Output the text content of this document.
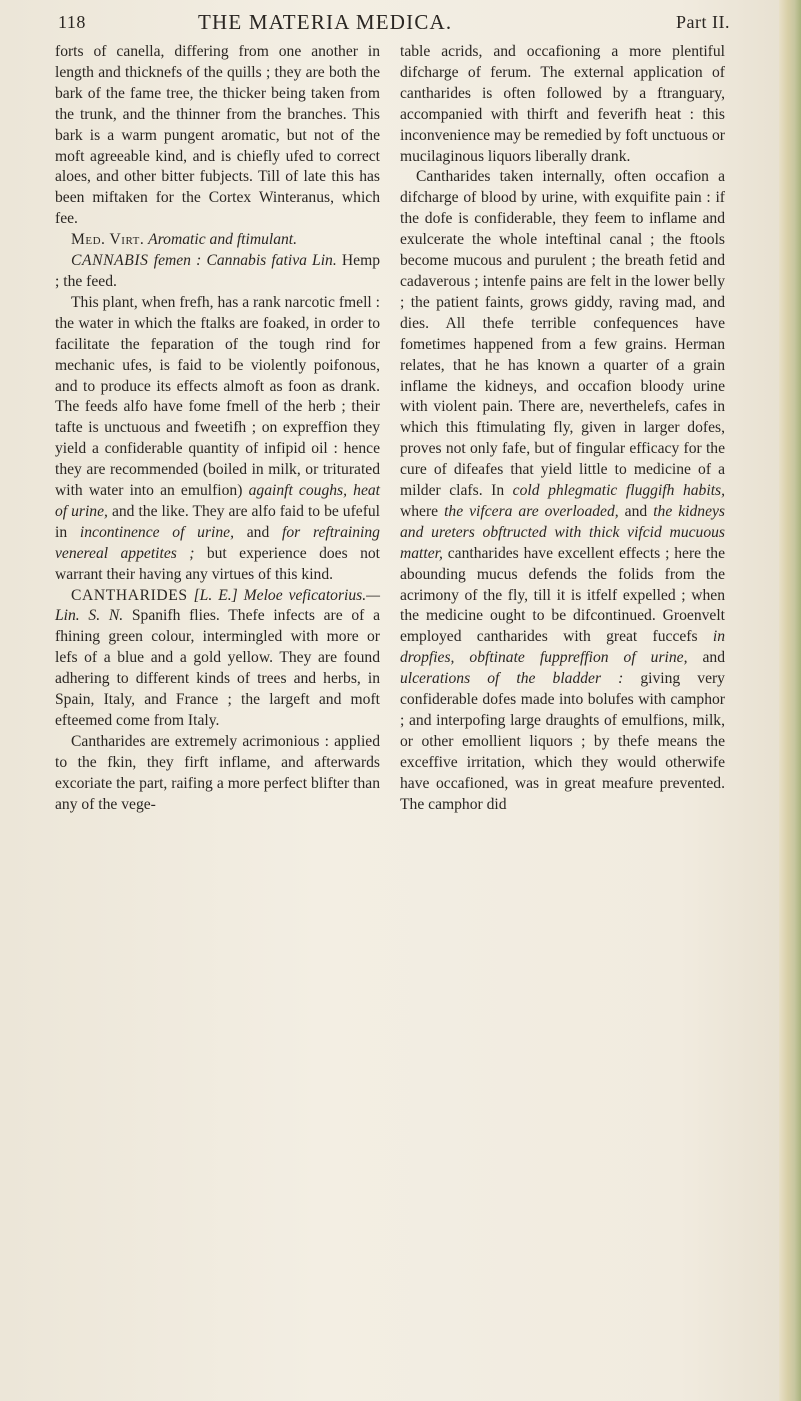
118	THE MATERIA MEDICA.	Part II.

forts of canella, differing from one another in length and thicknefs of the quills ; they are both the bark of the fame tree, the thicker being taken from the trunk, and the thinner from the branches. This bark is a warm pungent aromatic, but not of the moft agreeable kind, and is chiefly ufed to correct aloes, and other bitter fubjects. Till of late this has been miftaken for the Cortex Winteranus, which fee.

Med. Virt. Aromatic and ftimulant.

CANNABIS femen : Cannabis fativa Lin. Hemp ; the feed.

This plant, when frefh, has a rank narcotic fmell : the water in which the ftalks are foaked, in order to facilitate the feparation of the tough rind for mechanic ufes, is faid to be violently poifonous, and to produce its effects almoft as foon as drank. The feeds alfo have fome fmell of the herb ; their tafte is unctuous and fweetifh ; on expreffion they yield a confiderable quantity of infipid oil : hence they are recommended (boiled in milk, or triturated with water into an emulfion) againft coughs, heat of urine, and the like. They are alfo faid to be ufeful in incontinence of urine, and for reftraining venereal appetites ; but experience does not warrant their having any virtues of this kind.

CANTHARIDES [L. E.] Meloe veficatorius.—Lin. S. N. Spanifh flies. Thefe infects are of a fhining green colour, intermingled with more or lefs of a blue and a gold yellow. They are found adhering to different kinds of trees and herbs, in Spain, Italy, and France ; the largeft and moft efteemed come from Italy.

Cantharides are extremely acrimonious : applied to the fkin, they firft inflame, and afterwards excoriate the part, raifing a more perfect blifter than any of the vege-

table acrids, and occafioning a more plentiful difcharge of ferum. The external application of cantharides is often followed by a ftranguary, accompanied with thirft and feverifh heat : this inconvenience may be remedied by foft unctuous or mucilaginous liquors liberally drank.

Cantharides taken internally, often occafion a difcharge of blood by urine, with exquifite pain : if the dofe is confiderable, they feem to inflame and exulcerate the whole inteftinal canal ; the ftools become mucous and purulent ; the breath fetid and cadaverous ; intenfe pains are felt in the lower belly ; the patient faints, grows giddy, raving mad, and dies. All thefe terrible confequences have fometimes happened from a few grains. Herman relates, that he has known a quarter of a grain inflame the kidneys, and occafion bloody urine with violent pain. There are, neverthelefs, cafes in which this ftimulating fly, given in larger dofes, proves not only fafe, but of fingular efficacy for the cure of difeafes that yield little to medicine of a milder clafs. In cold phlegmatic fluggifh habits, where the vifcera are overloaded, and the kidneys and ureters obftructed with thick vifcid mucuous matter, cantharides have excellent effects ; here the abounding mucus defends the folids from the acrimony of the fly, till it is itfelf expelled ; when the medicine ought to be difcontinued. Groenvelt employed cantharides with great fuccefs in dropfies, obftinate fuppreffion of urine, and ulcerations of the bladder : giving very confiderable dofes made into bolufes with camphor ; and interpofing large draughts of emulfions, milk, or other emollient liquors ; by thefe means the exceffive irritation, which they would otherwife have occafioned, was in great meafure prevented. The camphor did
